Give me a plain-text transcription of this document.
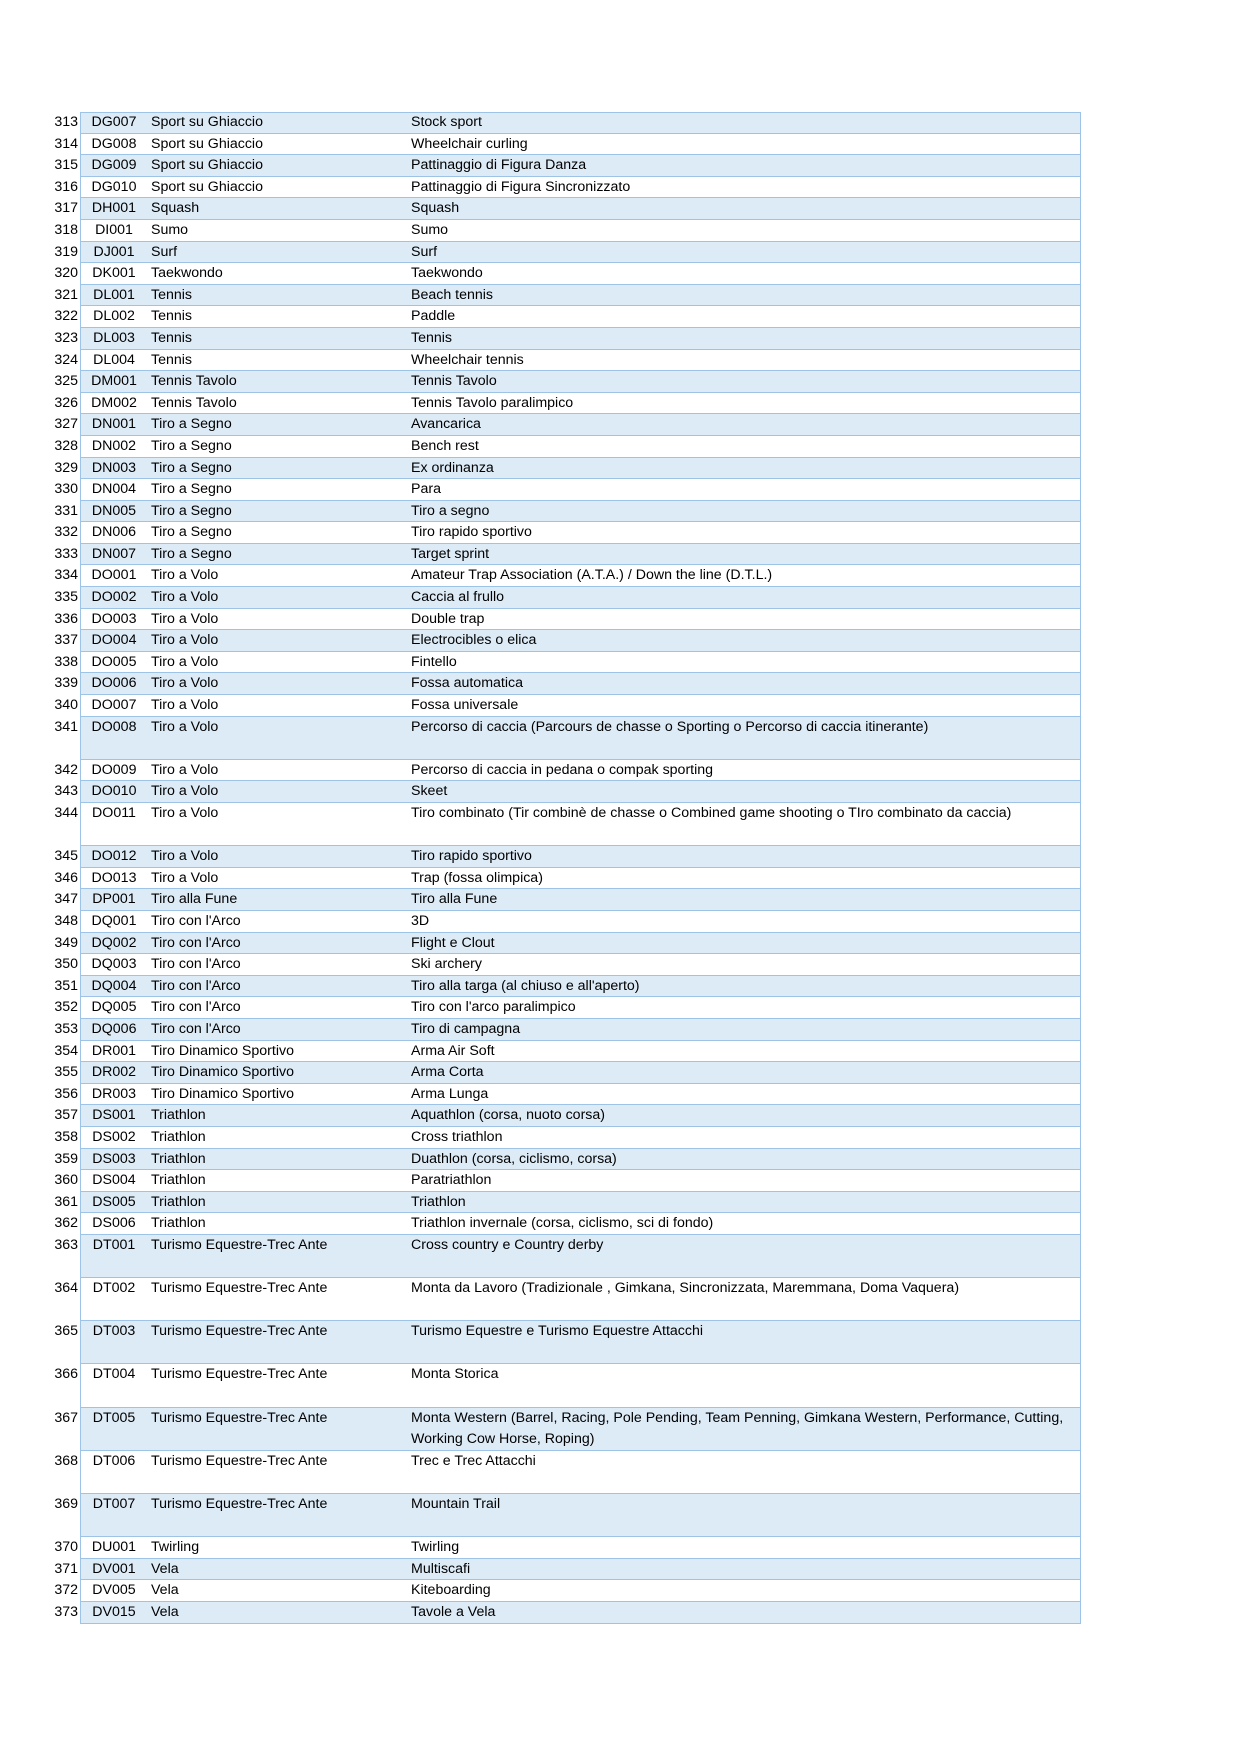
313 DG007	Sport su Ghiaccio	Stock sport
314 DG008	Sport su Ghiaccio	Wheelchair curling
315 DG009	Sport su Ghiaccio	Pattinaggio di Figura Danza
316 DG010	Sport su Ghiaccio	Pattinaggio di Figura Sincronizzato
317 DH001	Squash	Squash
318	DI001	Sumo	Sumo
319	DJ001	Surf	Surf
320	DK001	Taekwondo	Taekwondo
321	DL001	Tennis	Beach tennis
322	DL002	Tennis	Paddle
323	DL003	Tennis	Tennis
324	DL004	Tennis	Wheelchair tennis
325 DM001 Tennis Tavolo	Tennis Tavolo
326 DM002 Tennis Tavolo	Tennis Tavolo paralimpico
327 DN001	Tiro a Segno	Avancarica
328 DN002	Tiro a Segno	Bench rest
329 DN003	Tiro a Segno	Ex ordinanza
330 DN004	Tiro a Segno	Para
331 DN005	Tiro a Segno	Tiro a segno
332 DN006	Tiro a Segno	Tiro rapido sportivo
333 DN007	Tiro a Segno	Target sprint
334 DO001	Tiro a Volo	Amateur Trap Association (A.T.A.) / Down the line (D.T.L.)
335 DO002	Tiro a Volo	Caccia al frullo
336 DO003	Tiro a Volo	Double trap
337 DO004	Tiro a Volo	Electrocibles o elica
338 DO005	Tiro a Volo	Fintello
339 DO006	Tiro a Volo	Fossa automatica
340 DO007	Tiro a Volo	Fossa universale
341 DO008	Tiro a Volo	Percorso di caccia (Parcours de chasse o Sporting o Percorso di caccia itinerante)
342 DO009	Tiro a Volo	Percorso di caccia in pedana o compak sporting
343 DO010	Tiro a Volo	Skeet
344 DO011	Tiro a Volo	Tiro combinato (Tir combinè de chasse o Combined game shooting o TIro combinato da caccia)
345 DO012	Tiro a Volo	Tiro rapido sportivo
346 DO013	Tiro a Volo	Trap (fossa olimpica)
347	DP001	Tiro alla Fune	Tiro alla Fune
348 DQ001	Tiro con l'Arco	3D
349 DQ002	Tiro con l'Arco	Flight e Clout
350 DQ003	Tiro con l'Arco	Ski archery
351 DQ004	Tiro con l'Arco	Tiro alla targa (al chiuso e all'aperto)
352 DQ005	Tiro con l'Arco	Tiro con l'arco paralimpico
353 DQ006	Tiro con l'Arco	Tiro di campagna
354 DR001	Tiro Dinamico Sportivo	Arma Air Soft
355 DR002	Tiro Dinamico Sportivo	Arma Corta
356 DR003	Tiro Dinamico Sportivo	Arma Lunga
357	DS001	Triathlon	Aquathlon (corsa, nuoto corsa)
358	DS002	Triathlon	Cross triathlon
359	DS003	Triathlon	Duathlon (corsa, ciclismo, corsa)
360	DS004	Triathlon	Paratriathlon
361	DS005	Triathlon	Triathlon
362	DS006	Triathlon	Triathlon invernale (corsa, ciclismo, sci di fondo)
363	DT001	Turismo Equestre-Trec Ante	Cross country e Country derby
364	DT002	Turismo Equestre-Trec Ante	Monta da Lavoro (Tradizionale , Gimkana, Sincronizzata, Maremmana, Doma Vaquera)
365	DT003	Turismo Equestre-Trec Ante	Turismo Equestre e Turismo Equestre Attacchi
366	DT004	Turismo Equestre-Trec Ante	Monta Storica
367	DT005	Turismo Equestre-Trec Ante	Monta Western (Barrel, Racing, Pole Pending, Team Penning, Gimkana Western, Performance, Cutting, Working Cow Horse, Roping)
368	DT006	Turismo Equestre-Trec Ante	Trec e Trec Attacchi
369	DT007	Turismo Equestre-Trec Ante	Mountain Trail
370 DU001	Twirling	Twirling
371	DV001	Vela	Multiscafi
372	DV005	Vela	Kiteboarding
373	DV015	Vela	Tavole a Vela
